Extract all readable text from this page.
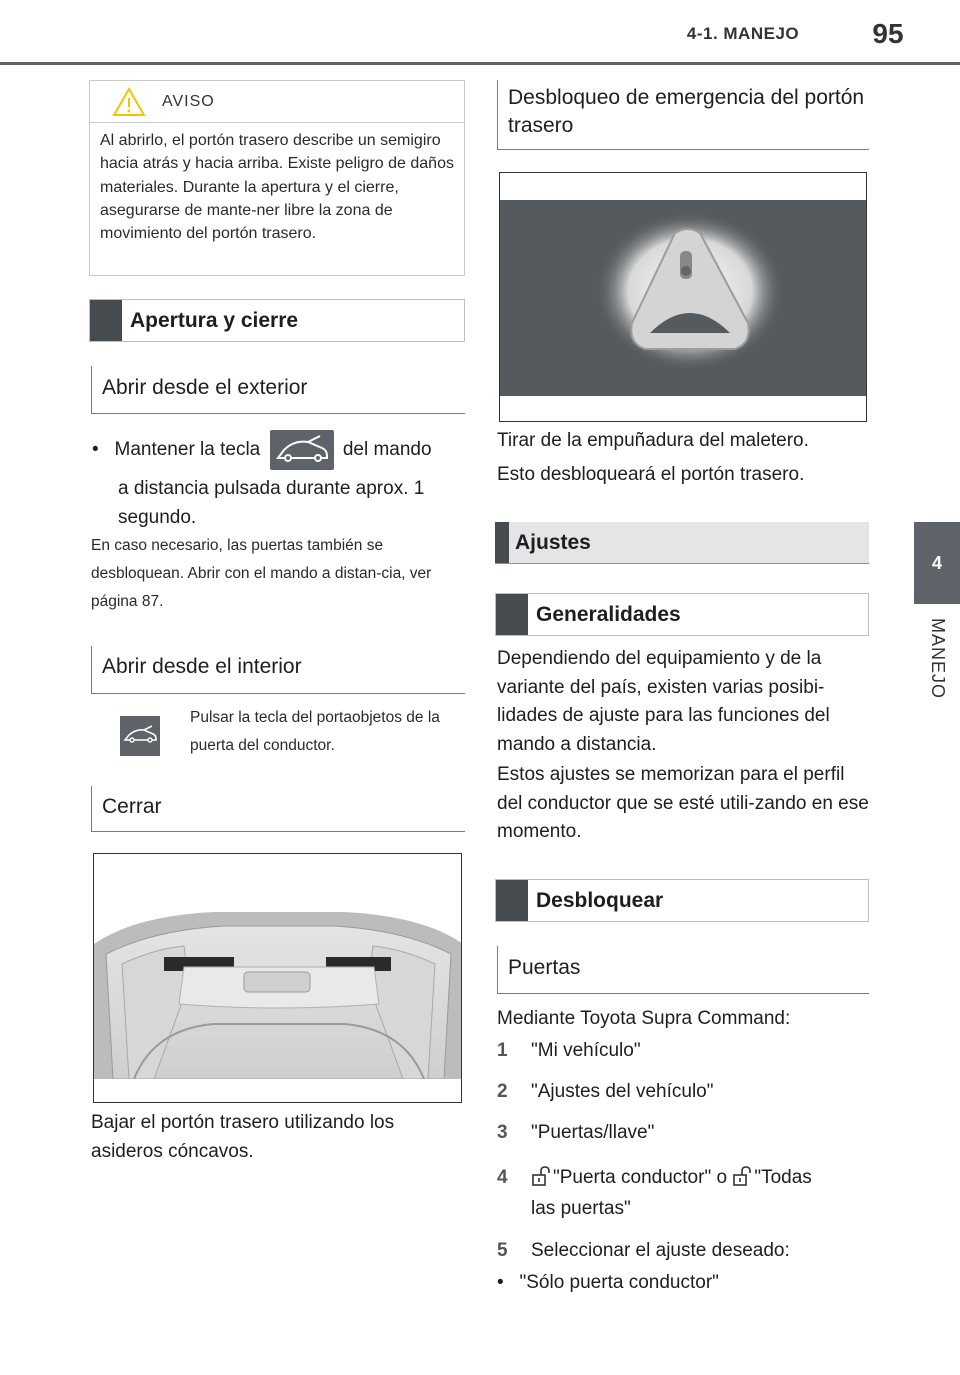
4-1. MANEJO	95
4
MANEJO
AVISO
Al abrirlo, el portón trasero describe un semigiro hacia atrás y hacia arriba. Existe peligro de daños materiales. Durante la apertura y el cierre, asegurarse de mante-ner libre la zona de movimiento del portón trasero.
Apertura y cierre
Abrir desde el exterior
•   Mantener la tecla	del mando
a distancia pulsada durante aprox. 1 segundo.
En caso necesario, las puertas también se desbloquean. Abrir con el mando a distan-cia, ver página 87.
Abrir desde el interior
Pulsar la tecla del portaobjetos de la puerta del conductor.
Cerrar
Bajar el portón trasero utilizando los asideros cóncavos.
Desbloqueo de emergencia del portón trasero
Tirar de la empuñadura del maletero.
Esto desbloqueará el portón trasero.
Ajustes
Generalidades
Dependiendo del equipamiento y de la variante del país, existen varias posibi-lidades de ajuste para las funciones del mando a distancia.
Estos ajustes se memorizan para el perfil del conductor que se esté utili-zando en ese momento.
Desbloquear
Puertas
Mediante Toyota Supra Command:
1 "Mi vehículo"
2 "Ajustes del vehículo"
3 "Puertas/llave"
4 "Puerta conductor" o "Todas
las puertas"
5 Seleccionar el ajuste deseado:
•   "Sólo puerta conductor"
